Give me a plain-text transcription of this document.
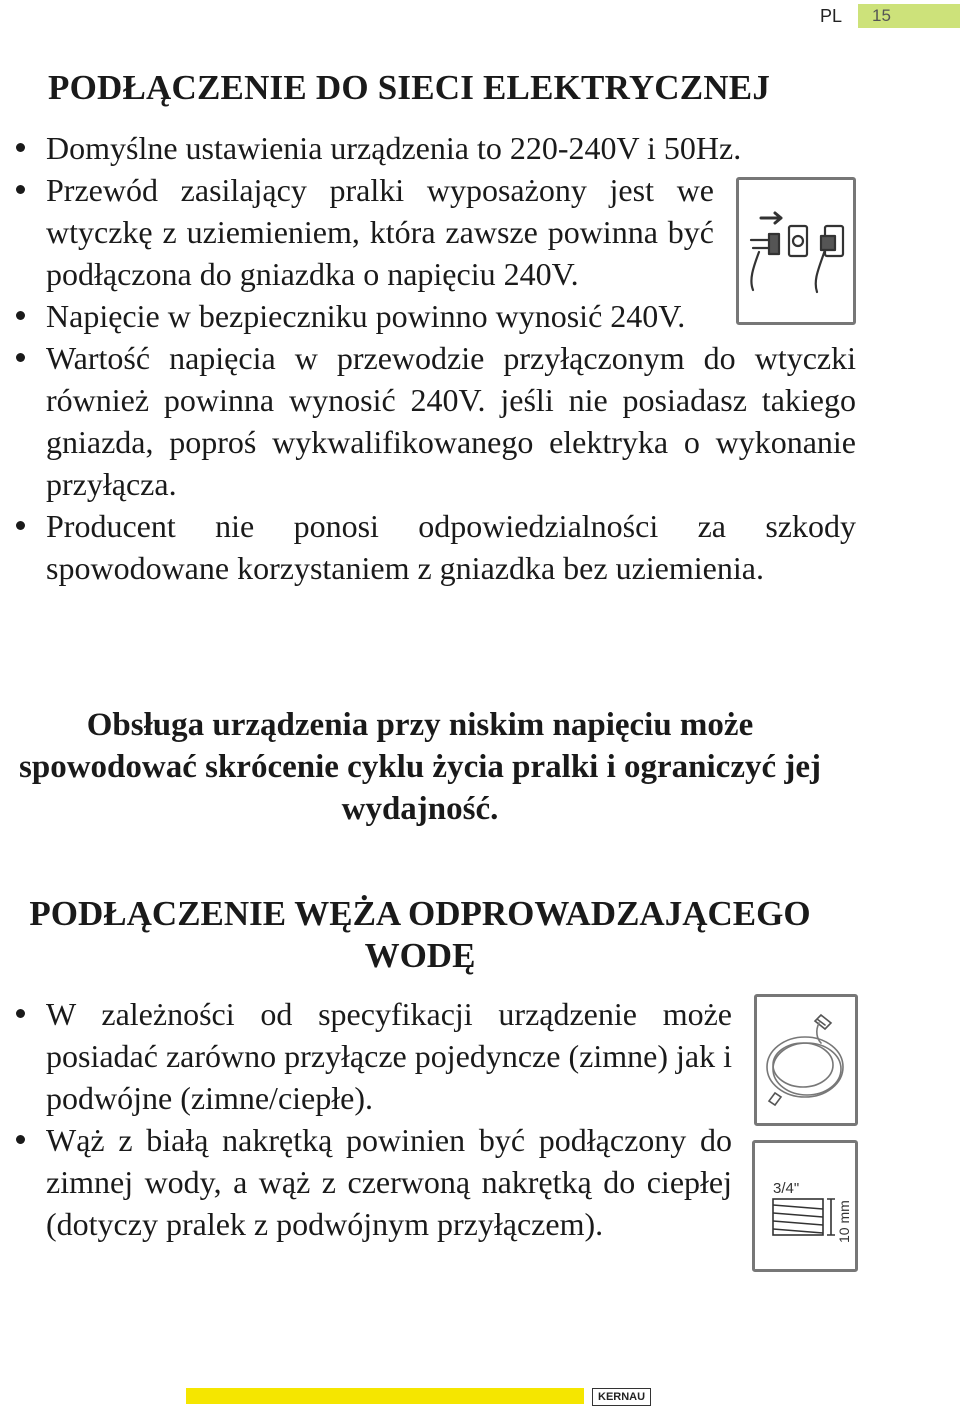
PL 15
PODŁĄCZENIE DO SIECI ELEKTRYCZNEJ
Domyślne ustawienia urządzenia to 220-240V i 50Hz.
Przewód zasilający pralki wyposażony jest we wtyczkę z uziemieniem, która zawsze powinna być podłączona do gniazdka o napięciu 240V.
Napięcie w bezpieczniku powinno wynosić 240V.
Wartość napięcia w przewodzie przyłączonym do wtyczki również powinna wynosić 240V. jeśli nie posiadasz takiego gniazda, poproś wykwalifikowanego elektryka o wykonanie przyłącza.
Producent nie ponosi odpowiedzialności za szkody spowodowane korzystaniem z gniazdka bez uziemienia.
Obsługa urządzenia przy niskim napięciu może spowodować skrócenie cyklu życia pralki i ograniczyć jej wydajność.
PODŁĄCZENIE WĘŻA ODPROWADZAJĄCEGO WODĘ
W zależności od specyfikacji urządzenie może posiadać zarówno przyłącze pojedyncze (zimne) jak i podwójne (zimne/ciepłe).
Wąż z białą nakrętką powinien być podłączony do zimnej wody, a wąż z czerwoną nakrętką do ciepłej (dotyczy pralek z podwójnym przyłączem).
3/4"
10 mm
KERNAU
